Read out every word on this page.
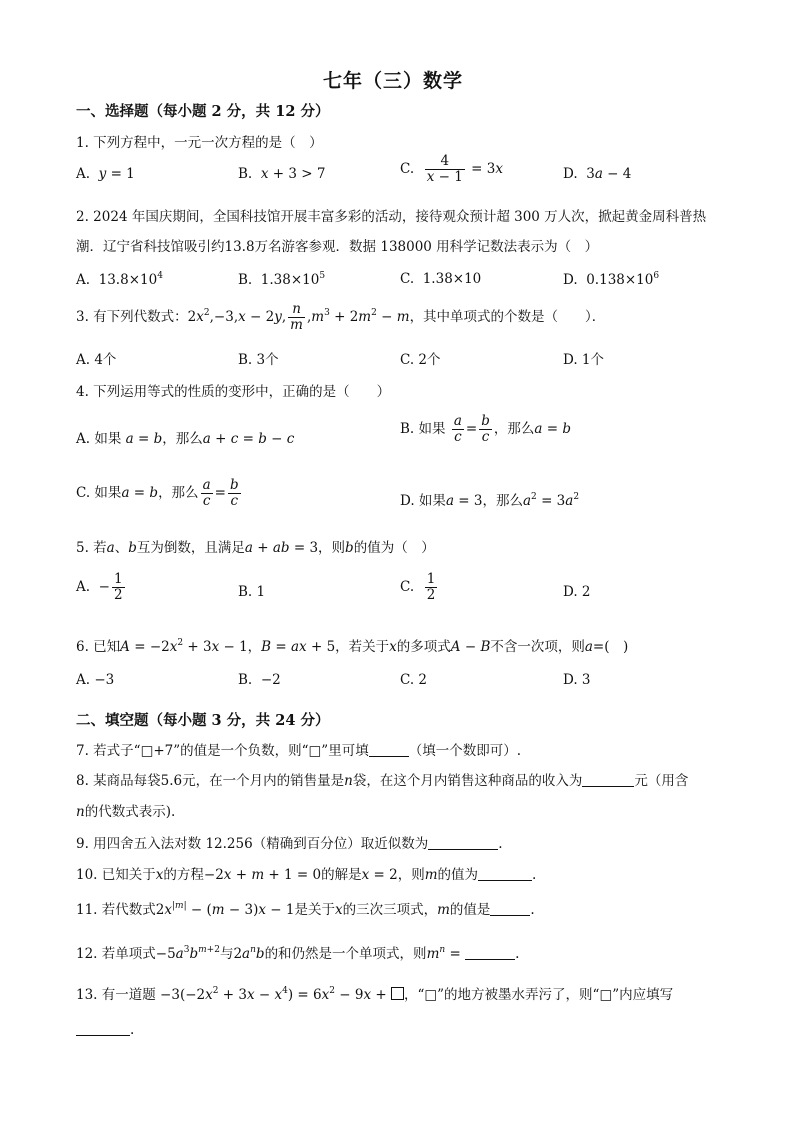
七年（三）数学
一、选择题（每小题 2 分，共 12 分）
1. 下列方程中，一元一次方程的是（　）
A. y = 1	B. x + 3 > 7	C. $\frac{4}{x - 1} = 3x$	D.  3a − 4
2. 2024 年国庆期间，全国科技馆开展丰富多彩的活动，接待观众预计超 300 万人次，掀起黄金周科普热
潮．辽宁省科技馆吸引约13.8万名游客参观．数据 138000 用科学记数法表示为（　）
A.  $13.8\times 10^4$	B.  $1.38\times 10^5$	C.  1.38×10	D.  $0.138\times 10^6$
3. 有下列代数式：$2x^2,-3,x - 2y$, $\frac{n}{m} ,m^3 + 2m^2 - m$，其中单项式的个数是（　　）．
A. 4个	B. 3个	C. 2个	D. 1个
4. 下列运用等式的性质的变形中，正确的是（　　）
A. 如果 a = b，那么a + c = b − c
B. 如果 $\frac{a}{c} = \frac{b}{c}$ ，那么a = b
C. 如果a = b，那么 $\frac{a}{c} = \frac{b}{c}$	D. 如果a = 3，那么$a^2 = 3a^2$
5. 若a、b互为倒数，且满足a + ab = 3，则b的值为（　）
A.  − $\frac{1}{2}$	B. 1	C. $\frac{1}{2}$	D. 2
6. 已知$A = -2x^2 + 3x - 1$，B = ax + 5，若关于x的多项式A − B不含一次项，则a=(　)
A. −3	B. −2	C. 2	D. 3
二、填空题（每小题 3 分，共 24 分）
7. 若式子“□+7”的值是一个负数，则“□”里可填	（填一个数即可）.
8. 某商品每袋5.6元，在一个月内的销售量是n袋，在这个月内销售这种商品的收入为	元（用含
n的代数式表示).
9. 用四舍五入法对数 12.256（精确到百分位）取近似数为	.
10. 已知关于x的方程−2x + m + 1 = 0的解是x = 2，则m的值为	.
11. 若代数式$2x^{|m|} - (m - 3)x - 1$是关于x的三次三项式，m的值是	.
12. 若单项式$-5a^3b^{m+2}$与$2a^nb$的和仍然是一个单项式，则$m^n$ =	.
13. 有一道题 $-3(-2x^2 + 3x - x^4) = 6x^2 - 9x$ + ，“□”的地方被墨水弄污了，则“□”内应填写
.
